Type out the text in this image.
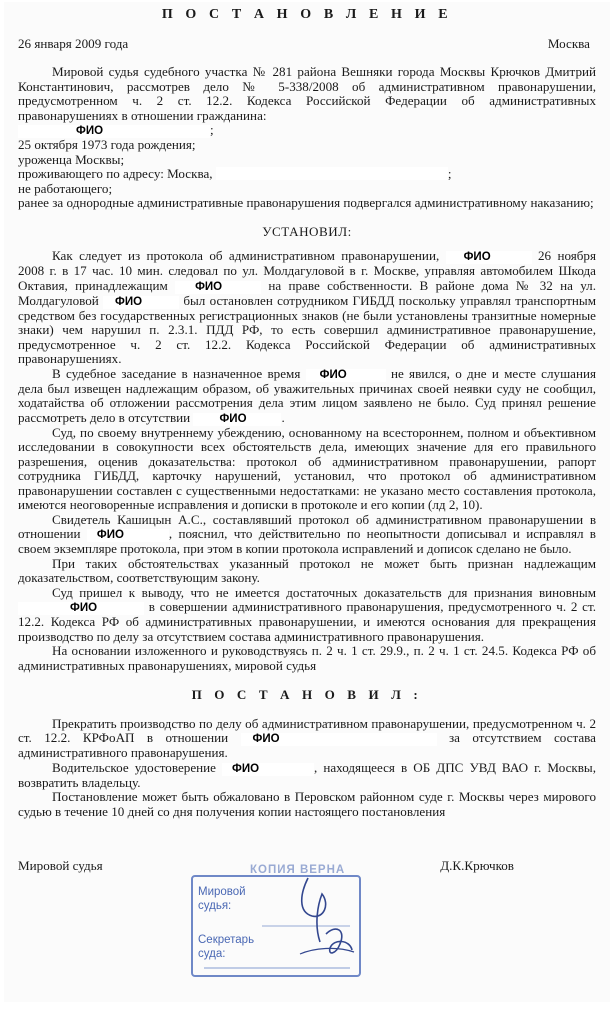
П О С Т А Н О В Л Е Н И Е
26 января 2009 года	Москва

Мировой судья судебного участка № 281 района Вешняки города Москвы Крючков Дмитрий Константинович, рассмотрев дело № 5-338/2008 об административном правонарушении, предусмотренном ч. 2 ст. 12.2. Кодекса Российской Федерации об административных правонарушениях в отношении гражданина:

ФИО	;
25 октября 1973 года рождения;
уроженца Москвы;
проживающего по адресу: Москва,	;
не работающего;

ранее за однородные административные правонарушения подвергался административному наказанию;

УСТАНОВИЛ:

Как следует из протокола об административном правонарушении, ФИО	26 ноября 2008 г. в 17 час. 10 мин. следовал по ул. Молдагуловой в г. Москве, управляя автомобилем Шкода Октавия, принадлежащим ФИО	на праве собственности. В районе дома № 32 на ул. Молдагуловой ФИО	был остановлен сотрудником ГИБДД поскольку управлял транспортным средством без государственных регистрационных знаков (не были установлены транзитные номерные знаки) чем нарушил п. 2.3.1. ПДД РФ, то есть совершил административное правонарушение, предусмотренное ч. 2 ст. 12.2. Кодекса Российской Федерации об административных правонарушениях.

В судебное заседание в назначенное время ФИО	не явился, о дне и месте слушания дела был извещен надлежащим образом, об уважительных причинах своей неявки суду не сообщил, ходатайства об отложении рассмотрения дела этим лицом заявлено не было. Суд принял решение рассмотреть дело в отсутствии	ФИО	.

Суд, по своему внутреннему убеждению, основанному на всестороннем, полном и объективном исследовании в совокупности всех обстоятельств дела, имеющих значение для его правильного разрешения, оценив доказательства: протокол об административном правонарушении, рапорт сотрудника ГИБДД, карточку нарушений, установил, что протокол об административном правонарушении составлен с существенными недостатками: не указано место составления протокола, имеются неоговоренные исправления и дописки в протоколе и его копии (лд 2, 10).

Свидетель Кашицын А.С., составлявший протокол об административном правонарушении в отношении ФИО	, пояснил, что действительно по неопытности дописывал и исправлял в своем экземпляре протокола, при этом в копии протокола исправлений и дописок сделано не было.

При таких обстоятельствах указанный протокол не может быть признан надлежащим доказательством, соответствующим закону.

Суд пришел к выводу, что не имеется достаточных доказательств для признания виновным ФИО	в совершении административного правонарушения, предусмотренного ч. 2 ст. 12.2. Кодекса РФ об административных правонарушении, и имеются основания для прекращения производство по делу за отсутствием состава административного правонарушения.

На основании изложенного и руководствуясь п. 2 ч. 1 ст. 29.9., п. 2 ч. 1 ст. 24.5. Кодекса РФ об административных правонарушениях, мировой судья

П О С Т А Н О В И Л :

Прекратить производство по делу об административном правонарушении, предусмотренном ч. 2 ст. 12.2. КРФоАП в отношении ФИО	за отсутствием состава административного правонарушения.

Водительское удостоверение ФИО	, находящееся в ОБ ДПС УВД ВАО г. Москвы, возвратить владельцу.

Постановление может быть обжаловано в Перовском районном суде г. Москвы через мирового судью в течение 10 дней со дня получения копии настоящего постановления

Мировой судья	Д.К.Крючков
КОПИЯ ВЕРНА
Мировой
судья:
Секретарь
суда:
